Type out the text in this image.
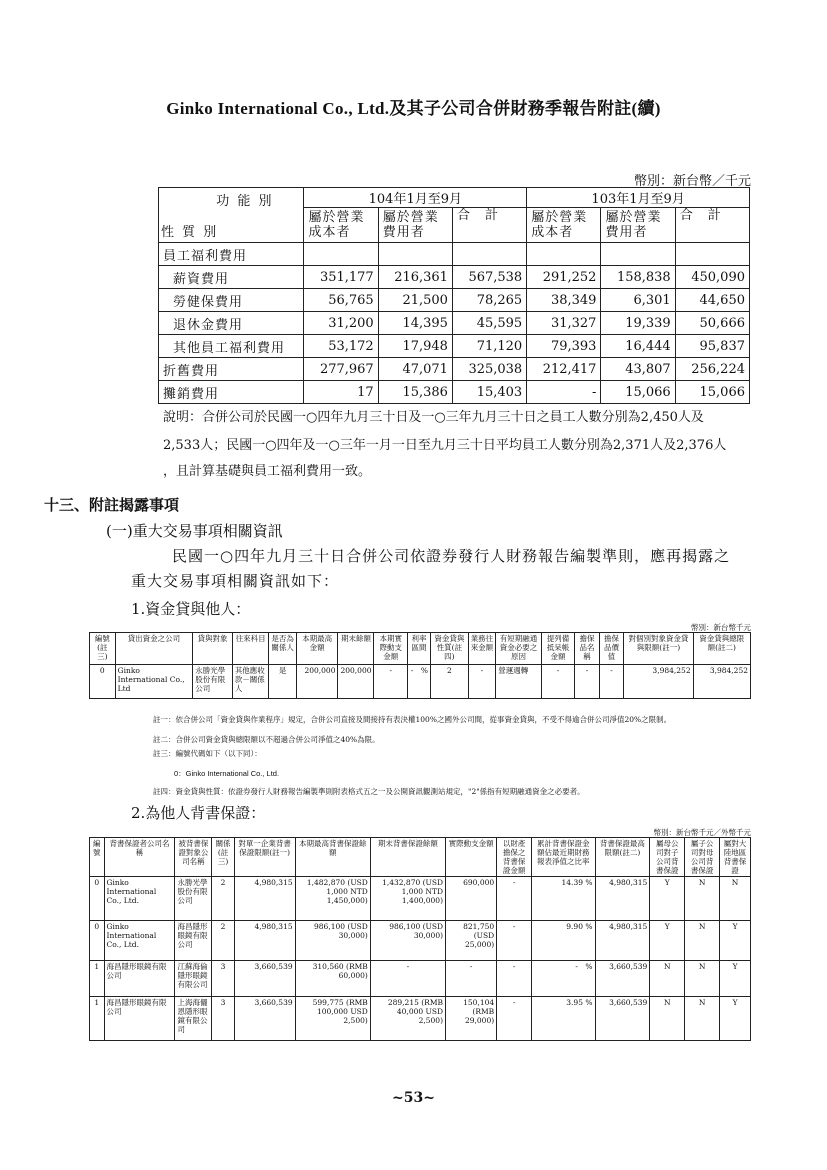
Ginko International Co., Ltd.及其子公司合併財務季報告附註(續)
幣別：新台幣／千元
功 能 別
性 質 別	104年1月至9月			103年1月至9月		
	屬於營業成本者	屬於營業費用者	合　計	屬於營業成本者	屬於營業費用者	合　計
員工福利費用						
薪資費用	351,177	216,361	567,538	291,252	158,838	450,090
勞健保費用	56,765	21,500	78,265	38,349	6,301	44,650
退休金費用	31,200	14,395	45,595	31,327	19,339	50,666
其他員工福利費用	53,172	17,948	71,120	79,393	16,444	95,837
折舊費用	277,967	47,071	325,038	212,417	43,807	256,224
攤銷費用	17	15,386	15,403	-	15,066	15,066
說明：合併公司於民國一○四年九月三十日及一○三年九月三十日之員工人數分別為2,450人及
2,533人；民國一○四年及一○三年一月一日至九月三十日平均員工人數分別為2,371人及2,376人
，且計算基礎與員工福利費用一致。
十三、附註揭露事項
(一)重大交易事項相關資訊
民國一○四年九月三十日合併公司依證券發行人財務報告編製準則，應再揭露之
重大交易事項相關資訊如下：
1.資金貸與他人：
幣別：新台幣千元
編號(註三)	貸出資金之公司	貸與對象	往來科目	是否為關係人	本期最高金額	期末餘額	本期實際動支金額	利率區間	資金貸與性質(註四)	業務往來金額	有短期融通資金必要之原因	提列備抵呆帳金額	擔保品名稱	擔保品價值	對個別對象資金貸與限額(註一)	資金貸與總限額(註二)
0	Ginko International Co., Ltd	永勝光學股份有限公司	其他應收款－關係人	是	200,000	200,000	-	-　%	2	-	營運週轉	-	-	-	3,984,252	3,984,252
註一：依合併公司「資金貸與作業程序」規定，合併公司直接及間接持有表決權100%之國外公司間，從事資金貸與，不受不得逾合併公司淨值20%之限制。
註二：合併公司資金貸與總限額以不超過合併公司淨值之40%為限。
註三：編號代碼如下（以下同）：
0：Ginko International Co., Ltd.
註四：資金貸與性質：依證券發行人財務報告編製準則附表格式五之一及公開資訊觀測站規定，"2"係指有短期融通資金之必要者。
2.為他人背書保證：
幣別：新台幣千元／外幣千元
編號	背書保證者公司名稱	被背書保證對象公司名稱	關係(註三)	對單一企業背書保證限額(註一)	本期最高背書保證餘額	期末背書保證餘額	實際動支金額	以財產擔保之背書保證金額	累計背書保證金額佔最近期財務報表淨值之比率	背書保證最高限額(註二)	屬母公司對子公司背書保證	屬子公司對母公司背書保證	屬對大陸地區背書保證
0	Ginko International Co., Ltd.	永勝光學股份有限公司	2	4,980,315	1,482,870 (USD 1,000 NTD 1,450,000)	1,432,870 (USD 1,000 NTD 1,400,000)	690,000	-	14.39 %	4,980,315	Y	N	N
0	Ginko International Co., Ltd.	海昌隱形眼鏡有限公司	2	4,980,315	986,100 (USD 30,000)	986,100 (USD 30,000)	821,750 (USD 25,000)	-	9.90 %	4,980,315	Y	N	Y
1	海昌隱形眼鏡有限公司	江蘇海倫隱形眼鏡有限公司	3	3,660,539	310,560 (RMB 60,000)	-	-	-	-　%	3,660,539	N	N	Y
1	海昌隱形眼鏡有限公司	上海海儷恩隱形眼鏡有限公司	3	3,660,539	599,775 (RMB 100,000 USD 2,500)	289,215 (RMB 40,000 USD 2,500)	150,104 (RMB 29,000)	-	3.95 %	3,660,539	N	N	Y
~53~
